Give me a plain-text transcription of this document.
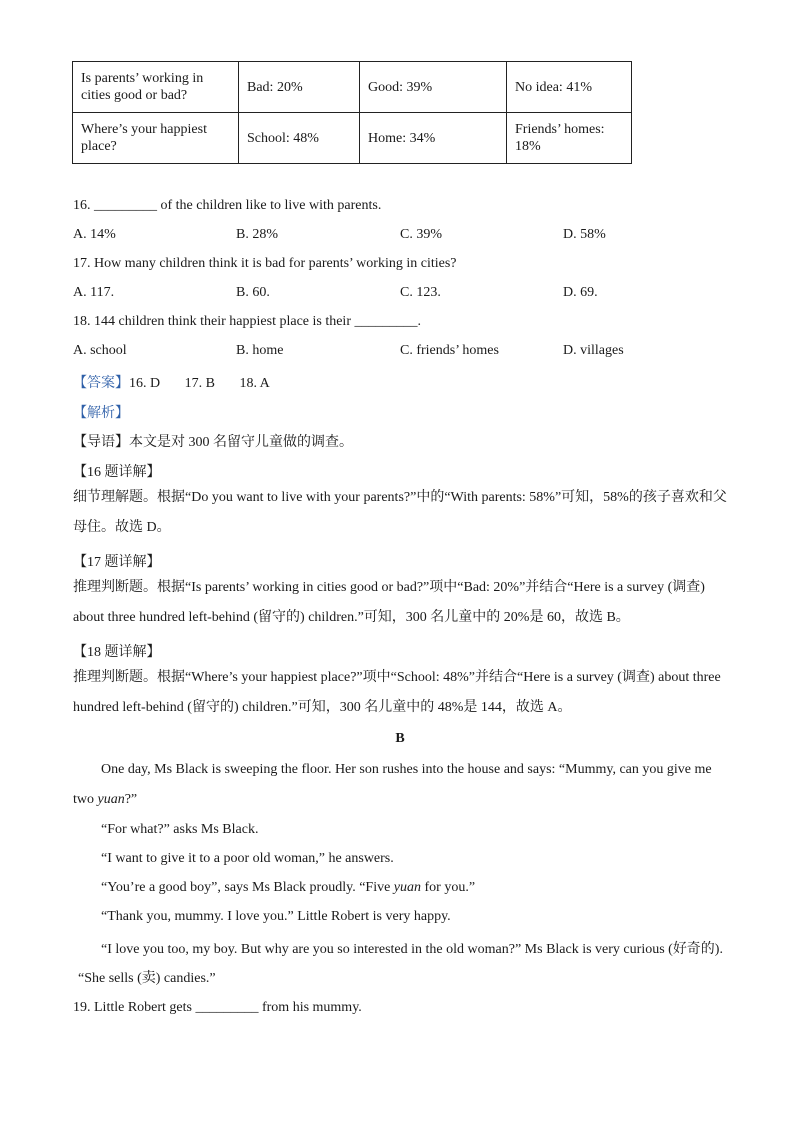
Is parents’ working in cities good or bad?	Bad: 20%	Good: 39%	No idea: 41%
Where’s your happiest place?	School: 48%	Home: 34%	Friends’ homes: 18%
16. _________ of the children like to live with parents.
A. 14%	B. 28%	C. 39%	D. 58%
17. How many children think it is bad for parents’ working in cities?
A. 117.	B. 60.	C. 123.	D. 69.
18. 144 children think their happiest place is their _________.
A. school	B. home	C. friends’ homes	D. villages
【答案】16. D       17. B       18. A
【解析】
【导语】本文是对 300 名留守儿童做的调查。
【16 题详解】
细节理解题。根据“Do you want to live with your parents?”中的“With parents: 58%”可知，58%的孩子喜欢和父母住。故选 D。
【17 题详解】
推理判断题。根据“Is parents’ working in cities good or bad?”项中“Bad: 20%”并结合“Here is a survey (调查) about three hundred left-behind (留守的) children.”可知，300 名儿童中的 20%是 60，故选 B。
【18 题详解】
推理判断题。根据“Where’s your happiest place?”项中“School: 48%”并结合“Here is a survey (调查) about three hundred left-behind (留守的) children.”可知，300 名儿童中的 48%是 144，故选 A。
B
One day, Ms Black is sweeping the floor. Her son rushes into the house and says: “Mummy, can you give me two yuan?”
“For what?” asks Ms Black.
“I want to give it to a poor old woman,” he answers.
“You’re a good boy”, says Ms Black proudly. “Five yuan for you.”
“Thank you, mummy. I love you.” Little Robert is very happy.
“I love you too, my boy. But why are you so interested in the old woman?” Ms Black is very curious (好奇的).
“She sells (卖) candies.”
19. Little Robert gets _________ from his mummy.
